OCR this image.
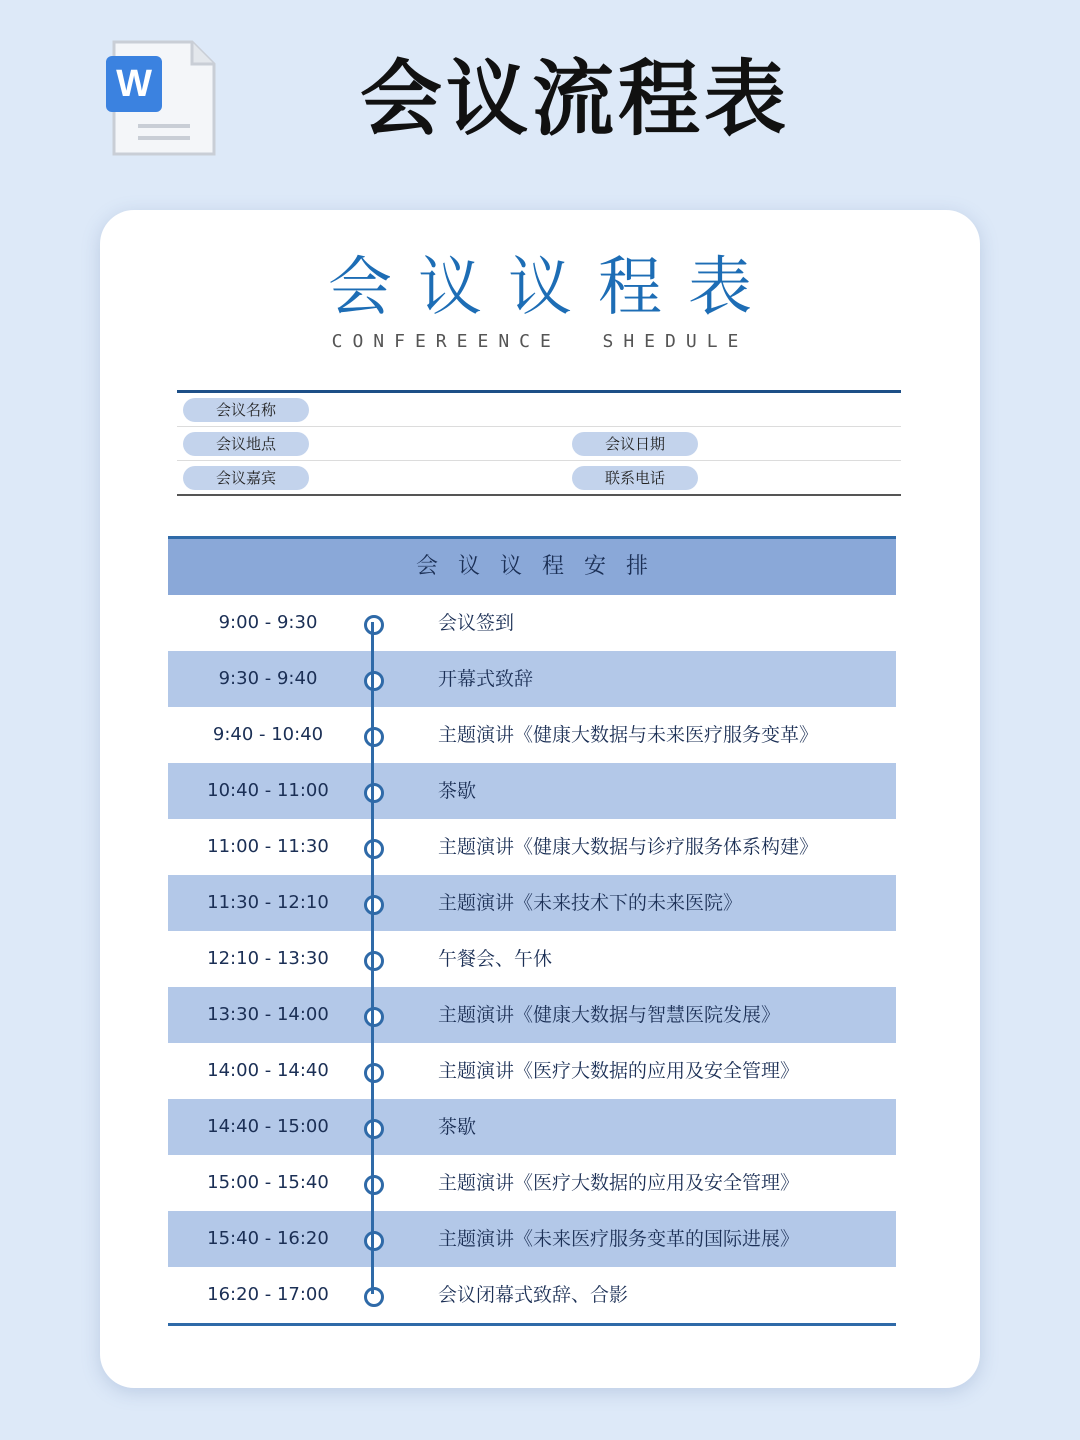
W	会议流程表
会议议程表
CONFEREENCE  SHEDULE
会议名称
会议地点	会议日期
会议嘉宾	联系电话
会议议程安排
9:00 - 9:30	会议签到
9:30 - 9:40	开幕式致辞
9:40 - 10:40	主题演讲《健康大数据与未来医疗服务变革》
10:40 - 11:00	茶歇
11:00 - 11:30	主题演讲《健康大数据与诊疗服务体系构建》
11:30 - 12:10	主题演讲《未来技术下的未来医院》
12:10 - 13:30	午餐会、午休
13:30 - 14:00	主题演讲《健康大数据与智慧医院发展》
14:00 - 14:40	主题演讲《医疗大数据的应用及安全管理》
14:40 - 15:00	茶歇
15:00 - 15:40	主题演讲《医疗大数据的应用及安全管理》
15:40 - 16:20	主题演讲《未来医疗服务变革的国际进展》
16:20 - 17:00	会议闭幕式致辞、合影
